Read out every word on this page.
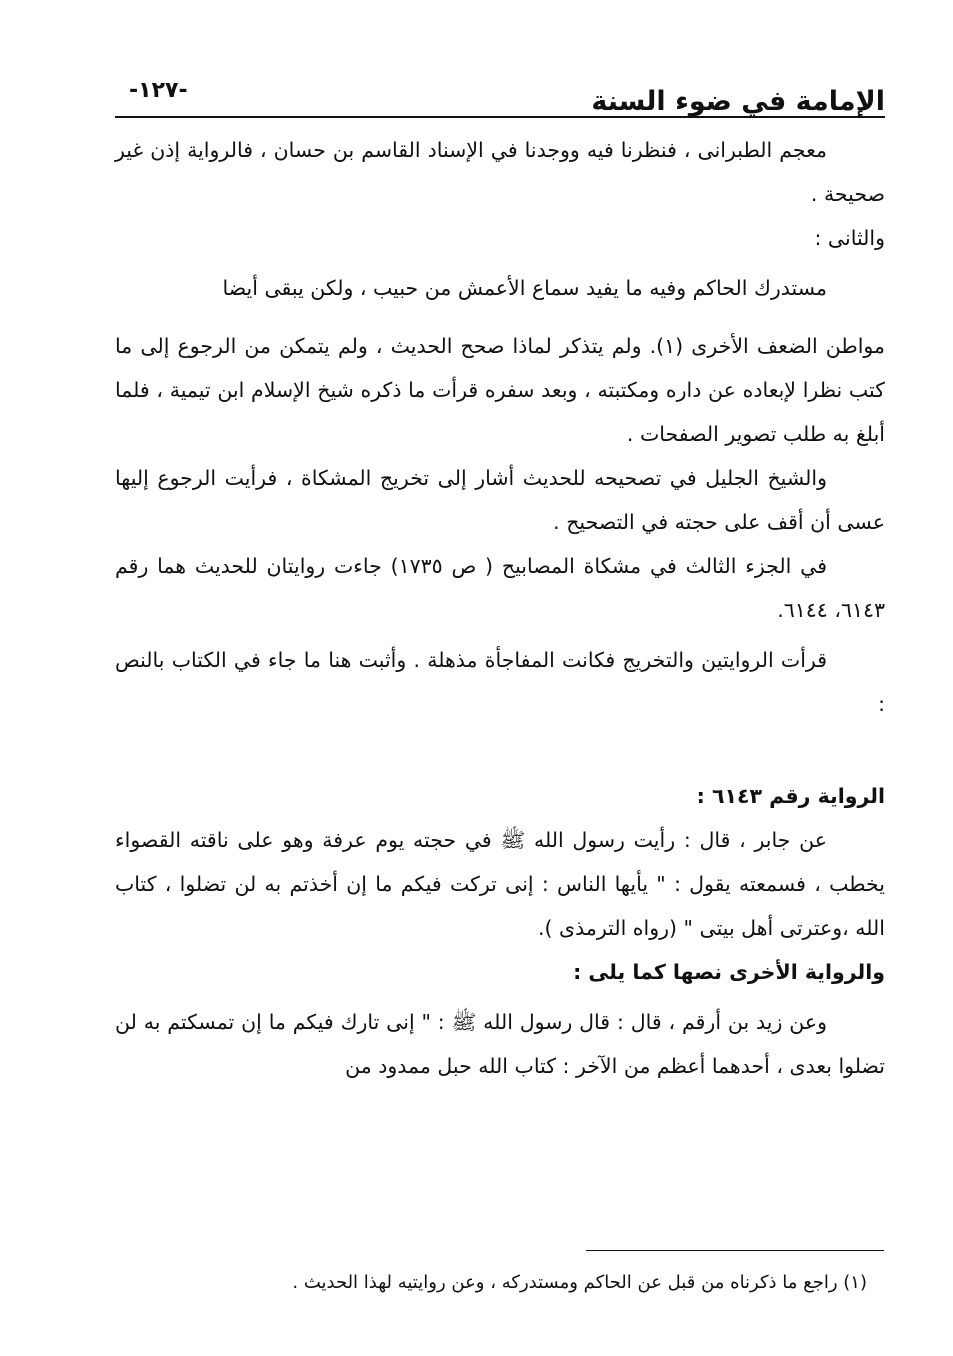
-١٢٧-	الإمامة في ضوء السنة

معجم الطبرانى ، فنظرنا فيه ووجدنا في الإسناد القاسم بن حسان ، فالرواية إذن غير صحيحة .

والثانى :

مستدرك الحاكم وفيه ما يفيد سماع الأعمش من حبيب ، ولكن يبقى أيضا

مواطن الضعف الأخرى (١). ولم يتذكر لماذا صحح الحديث ، ولم يتمكن من الرجوع إلى ما كتب نظرا لإبعاده عن داره ومكتبته ، وبعد سفره قرأت ما ذكره شيخ الإسلام ابن تيمية ، فلما أبلغ به طلب تصوير الصفحات .

والشيخ الجليل في تصحيحه للحديث أشار إلى تخريج المشكاة ، فرأيت الرجوع إليها عسى أن أقف على حجته في التصحيح .

في الجزء الثالث في مشكاة المصابيح ( ص ١٧٣٥) جاءت روايتان للحديث هما رقم ٦١٤٣، ٦١٤٤.

قرأت الروايتين والتخريج فكانت المفاجأة مذهلة . وأثبت هنا ما جاء في الكتاب بالنص :

الرواية رقم ٦١٤٣ :

عن جابر ، قال : رأيت رسول الله ﷺ في حجته يوم عرفة وهو على ناقته القصواء يخطب ، فسمعته يقول : " يأيها الناس : إنى تركت فيكم ما إن أخذتم به لن تضلوا ، كتاب الله ،وعترتى أهل بيتى " (رواه الترمذى ).

والرواية الأخرى نصها كما يلى :

وعن زيد بن أرقم ، قال : قال رسول الله ﷺ : " إنى تارك فيكم ما إن تمسكتم به لن تضلوا بعدى ، أحدهما أعظم من الآخر : كتاب الله حبل ممدود من

(١) راجع ما ذكرناه من قبل عن الحاكم ومستدركه ، وعن روايتيه لهذا الحديث .
